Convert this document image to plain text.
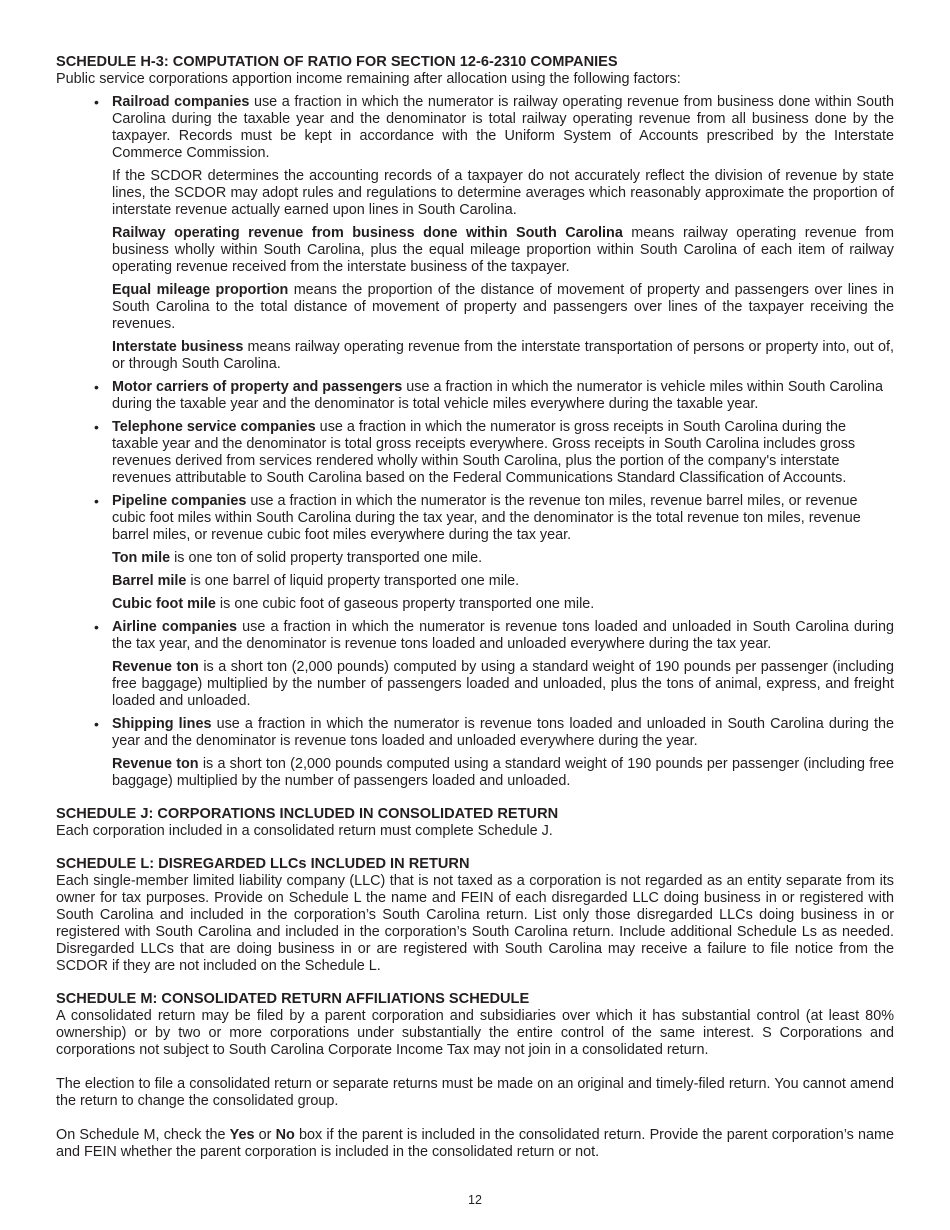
SCHEDULE H-3: COMPUTATION OF RATIO FOR SECTION 12-6-2310 COMPANIES

Public service corporations apportion income remaining after allocation using the following factors:

• Railroad companies use a fraction in which the numerator is railway operating revenue from business done within South Carolina during the taxable year and the denominator is total railway operating revenue from all business done by the taxpayer. Records must be kept in accordance with the Uniform System of Accounts prescribed by the Interstate Commerce Commission.

If the SCDOR determines the accounting records of a taxpayer do not accurately reflect the division of revenue by state lines, the SCDOR may adopt rules and regulations to determine averages which reasonably approximate the proportion of interstate revenue actually earned upon lines in South Carolina.

Railway operating revenue from business done within South Carolina means railway operating revenue from business wholly within South Carolina, plus the equal mileage proportion within South Carolina of each item of railway operating revenue received from the interstate business of the taxpayer.

Equal mileage proportion means the proportion of the distance of movement of property and passengers over lines in South Carolina to the total distance of movement of property and passengers over lines of the taxpayer receiving the revenues.

Interstate business means railway operating revenue from the interstate transportation of persons or property into, out of, or through South Carolina.

• Motor carriers of property and passengers use a fraction in which the numerator is vehicle miles within South Carolina during the taxable year and the denominator is total vehicle miles everywhere during the taxable year.

• Telephone service companies use a fraction in which the numerator is gross receipts in South Carolina during the taxable year and the denominator is total gross receipts everywhere. Gross receipts in South Carolina includes gross revenues derived from services rendered wholly within South Carolina, plus the portion of the company's interstate revenues attributable to South Carolina based on the Federal Communications Standard Classification of Accounts.

• Pipeline companies use a fraction in which the numerator is the revenue ton miles, revenue barrel miles, or revenue cubic foot miles within South Carolina during the tax year, and the denominator is the total revenue ton miles, revenue barrel miles, or revenue cubic foot miles everywhere during the tax year.

Ton mile is one ton of solid property transported one mile.

Barrel mile is one barrel of liquid property transported one mile.

Cubic foot mile is one cubic foot of gaseous property transported one mile.

• Airline companies use a fraction in which the numerator is revenue tons loaded and unloaded in South Carolina during the tax year, and the denominator is revenue tons loaded and unloaded everywhere during the tax year.

Revenue ton is a short ton (2,000 pounds) computed by using a standard weight of 190 pounds per passenger (including free baggage) multiplied by the number of passengers loaded and unloaded, plus the tons of animal, express, and freight loaded and unloaded.

• Shipping lines use a fraction in which the numerator is revenue tons loaded and unloaded in South Carolina during the year and the denominator is revenue tons loaded and unloaded everywhere during the year.

Revenue ton is a short ton (2,000 pounds computed using a standard weight of 190 pounds per passenger (including free baggage) multiplied by the number of passengers loaded and unloaded.

SCHEDULE J: CORPORATIONS INCLUDED IN CONSOLIDATED RETURN

Each corporation included in a consolidated return must complete Schedule J.

SCHEDULE L: DISREGARDED LLCs INCLUDED IN RETURN

Each single-member limited liability company (LLC) that is not taxed as a corporation is not regarded as an entity separate from its owner for tax purposes. Provide on Schedule L the name and FEIN of each disregarded LLC doing business in or registered with South Carolina and included in the corporation’s South Carolina return. List only those disregarded LLCs doing business in or registered with South Carolina and included in the corporation’s South Carolina return. Include additional Schedule Ls as needed. Disregarded LLCs that are doing business in or are registered with South Carolina may receive a failure to file notice from the SCDOR if they are not included on the Schedule L.

SCHEDULE M: CONSOLIDATED RETURN AFFILIATIONS SCHEDULE

A consolidated return may be filed by a parent corporation and subsidiaries over which it has substantial control (at least 80% ownership) or by two or more corporations under substantially the entire control of the same interest. S Corporations and corporations not subject to South Carolina Corporate Income Tax may not join in a consolidated return.

The election to file a consolidated return or separate returns must be made on an original and timely-filed return. You cannot amend the return to change the consolidated group.

On Schedule M, check the Yes or No box if the parent is included in the consolidated return. Provide the parent corporation’s name and FEIN whether the parent corporation is included in the consolidated return or not.

12
